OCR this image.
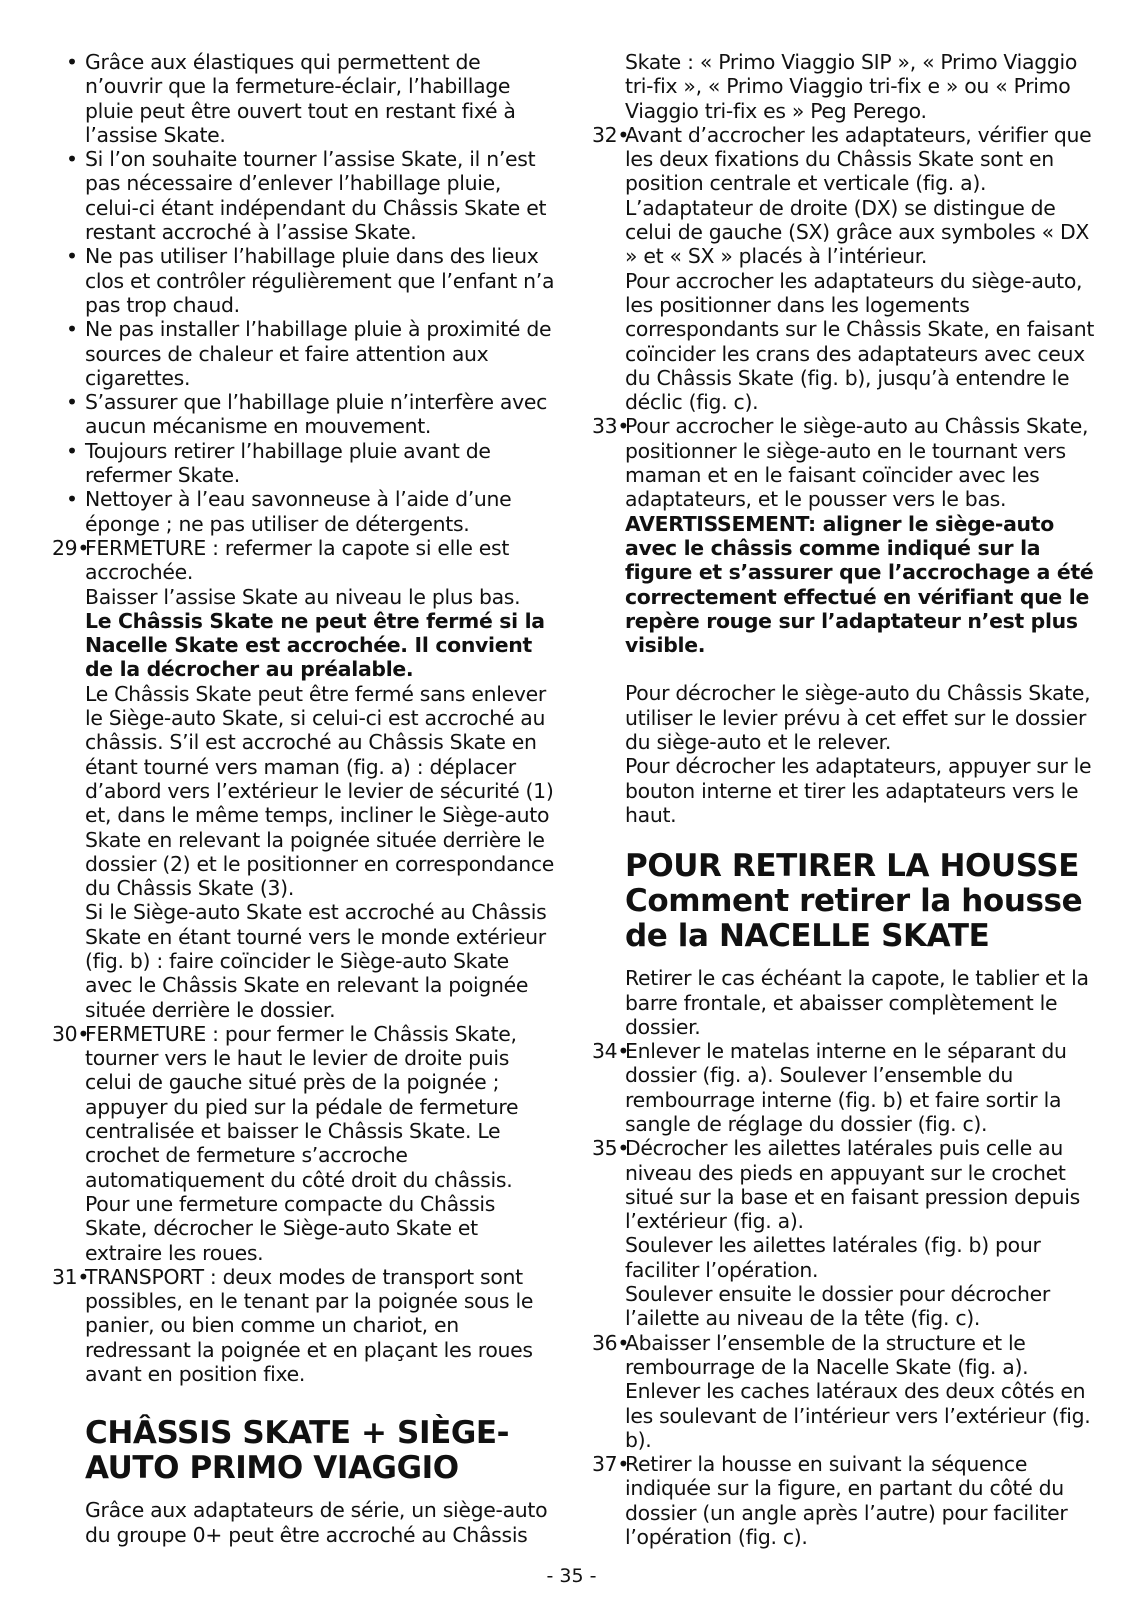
• Grâce aux élastiques qui permettent de n’ouvrir que la fermeture-éclair, l’habillage pluie peut être ouvert tout en restant fixé à l’assise Skate.
• Si l’on souhaite tourner l’assise Skate, il n’est pas nécessaire d’enlever l’habillage pluie, celui-ci étant indépendant du Châssis Skate et restant accroché à l’assise Skate.
• Ne pas utiliser l’habillage pluie dans des lieux clos et contrôler régulièrement que l’enfant n’a pas trop chaud.
• Ne pas installer l’habillage pluie à proximité de sources de chaleur et faire attention aux cigarettes.
• S’assurer que l’habillage pluie n’interfère avec aucun mécanisme en mouvement.
• Toujours retirer l’habillage pluie avant de refermer Skate.
• Nettoyer à l’eau savonneuse à l’aide d’une éponge ; ne pas utiliser de détergents.
29•
FERMETURE : refermer la capote si elle est accrochée.
Baisser l’assise Skate au niveau le plus bas.
Le Châssis Skate ne peut être fermé si la Nacelle Skate est accrochée. Il convient de la décrocher au préalable.
Le Châssis Skate peut être fermé sans enlever le Siège-auto Skate, si celui-ci est accroché au châssis. S’il est accroché au Châssis Skate en étant tourné vers maman (fig. a) : déplacer d’abord vers l’extérieur le levier de sécurité (1) et, dans le même temps, incliner le Siège-auto Skate en relevant la poignée située derrière le dossier (2) et le positionner en correspondance du Châssis Skate (3).
Si le Siège-auto Skate est accroché au Châssis Skate en étant tourné vers le monde extérieur (fig. b) : faire coïncider le Siège-auto Skate avec le Châssis Skate en relevant la poignée située derrière le dossier.
30•
FERMETURE : pour fermer le Châssis Skate, tourner vers le haut le levier de droite puis celui de gauche situé près de la poignée ; appuyer du pied sur la pédale de fermeture centralisée et baisser le Châssis Skate. Le crochet de fermeture s’accroche automatiquement du côté droit du châssis.
Pour une fermeture compacte du Châssis Skate, décrocher le Siège-auto Skate et extraire les roues.
31•
TRANSPORT : deux modes de transport sont possibles, en le tenant par la poignée sous le panier, ou bien comme un chariot, en redressant la poignée et en plaçant les roues avant en position fixe.
CHÂSSIS SKATE + SIÈGE-AUTO PRIMO VIAGGIO
Grâce aux adaptateurs de série, un siège-auto du groupe 0+ peut être accroché au Châssis
Skate : « Primo Viaggio SIP », « Primo Viaggio tri-fix », « Primo Viaggio tri-fix e » ou « Primo Viaggio tri-fix es » Peg Perego.
32•
Avant d’accrocher les adaptateurs, vérifier que les deux fixations du Châssis Skate sont en position centrale et verticale (fig. a).
L’adaptateur de droite (DX) se distingue de celui de gauche (SX) grâce aux symboles « DX » et « SX » placés à l’intérieur.
Pour accrocher les adaptateurs du siège-auto, les positionner dans les logements correspondants sur le Châssis Skate, en faisant coïncider les crans des adaptateurs avec ceux du Châssis Skate (fig. b), jusqu’à entendre le déclic (fig. c).
33•
Pour accrocher le siège-auto au Châssis Skate, positionner le siège-auto en le tournant vers maman et en le faisant coïncider avec les adaptateurs, et le pousser vers le bas.
AVERTISSEMENT: aligner le siège-auto avec le châssis comme indiqué sur la figure et s’assurer que l’accrochage a été correctement effectué en vérifiant que le repère rouge sur l’adaptateur n’est plus visible.
Pour décrocher le siège-auto du Châssis Skate, utiliser le levier prévu à cet effet sur le dossier du siège-auto et le relever.
Pour décrocher les adaptateurs, appuyer sur le bouton interne et tirer les adaptateurs vers le haut.
POUR RETIRER LA HOUSSE Comment retirer la housse de la NACELLE SKATE
Retirer le cas échéant la capote, le tablier et la barre frontale, et abaisser complètement le dossier.
34•
Enlever le matelas interne en le séparant du dossier (fig. a). Soulever l’ensemble du rembourrage interne (fig. b) et faire sortir la sangle de réglage du dossier (fig. c).
35•
Décrocher les ailettes latérales puis celle au niveau des pieds en appuyant sur le crochet situé sur la base et en faisant pression depuis l’extérieur (fig. a).
Soulever les ailettes latérales (fig. b) pour faciliter l’opération.
Soulever ensuite le dossier pour décrocher l’ailette au niveau de la tête (fig. c).
36•
Abaisser l’ensemble de la structure et le rembourrage de la Nacelle Skate (fig. a).
Enlever les caches latéraux des deux côtés en les soulevant de l’intérieur vers l’extérieur (fig. b).
37•
Retirer la housse en suivant la séquence indiquée sur la figure, en partant du côté du dossier (un angle après l’autre) pour faciliter l’opération (fig. c).
- 35 -
